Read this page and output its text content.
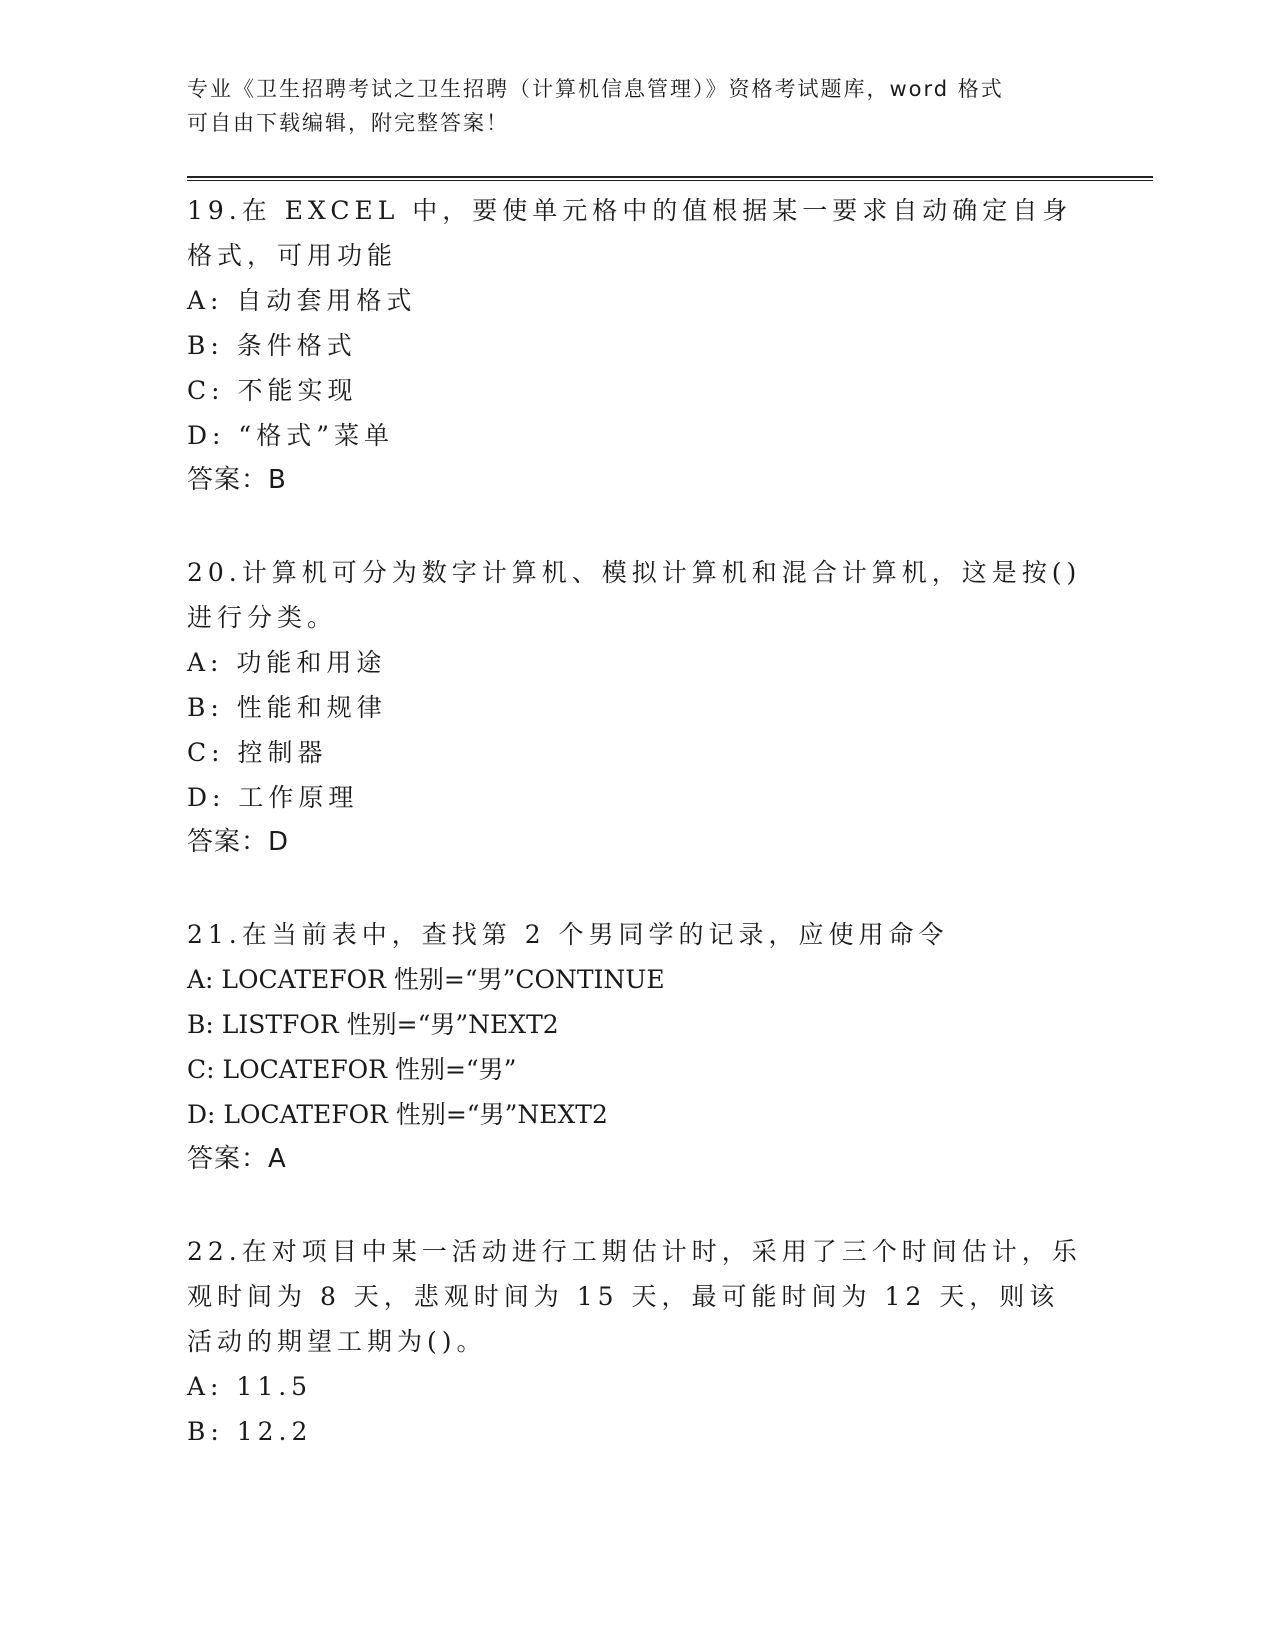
专业《卫生招聘考试之卫生招聘（计算机信息管理）》资格考试题库，word 格式
可自由下载编辑，附完整答案！
19.在 EXCEL 中，要使单元格中的值根据某一要求自动确定自身格式，可用功能
A: 自动套用格式
B: 条件格式
C: 不能实现
D: “格式”菜单
答案：B
20.计算机可分为数字计算机、模拟计算机和混合计算机，这是按()进行分类。
A: 功能和用途
B: 性能和规律
C: 控制器
D: 工作原理
答案：D
21.在当前表中，查找第 2 个男同学的记录，应使用命令
A: LOCATEFOR 性别=“男”CONTINUE
B: LISTFOR 性别=“男”NEXT2
C: LOCATEFOR 性别=“男”
D: LOCATEFOR 性别=“男”NEXT2
答案：A
22.在对项目中某一活动进行工期估计时，采用了三个时间估计，乐观时间为 8 天，悲观时间为 15 天，最可能时间为 12 天，则该活动的期望工期为()。
A: 11.5
B: 12.2
